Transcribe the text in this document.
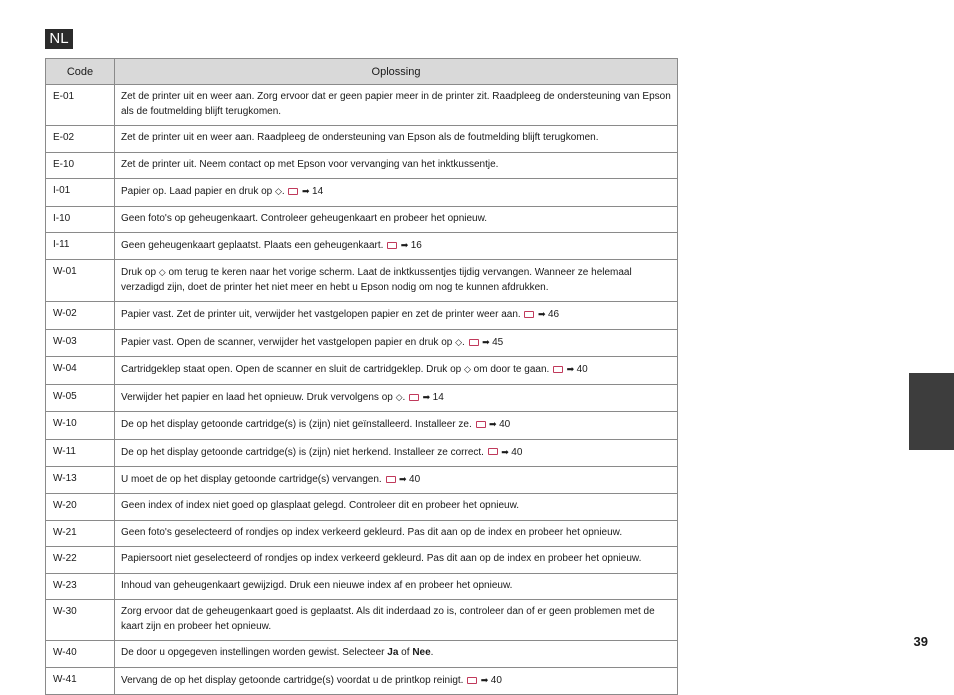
NL
Code	Oplossing
E-01	Zet de printer uit en weer aan. Zorg ervoor dat er geen papier meer in de printer zit. Raadpleeg de ondersteuning van Epson als de foutmelding blijft terugkomen.
E-02	Zet de printer uit en weer aan. Raadpleeg de ondersteuning van Epson als de foutmelding blijft terugkomen.
E-10	Zet de printer uit. Neem contact op met Epson voor vervanging van het inktkussentje.
I-01	Papier op. Laad papier en druk op ◇.  ➡ 14
I-10	Geen foto's op geheugenkaart. Controleer geheugenkaart en probeer het opnieuw.
I-11	Geen geheugenkaart geplaatst. Plaats een geheugenkaart.  ➡ 16
W-01	Druk op ◇ om terug te keren naar het vorige scherm. Laat de inktkussentjes tijdig vervangen. Wanneer ze helemaal verzadigd zijn, doet de printer het niet meer en hebt u Epson nodig om nog te kunnen afdrukken.
W-02	Papier vast. Zet de printer uit, verwijder het vastgelopen papier en zet de printer weer aan.  ➡ 46
W-03	Papier vast. Open de scanner, verwijder het vastgelopen papier en druk op ◇.  ➡ 45
W-04	Cartridgeklep staat open. Open de scanner en sluit de cartridgeklep. Druk op ◇ om door te gaan.  ➡ 40
W-05	Verwijder het papier en laad het opnieuw. Druk vervolgens op ◇.  ➡ 14
W-10	De op het display getoonde cartridge(s) is (zijn) niet geïnstalleerd. Installeer ze.  ➡ 40
W-11	De op het display getoonde cartridge(s) is (zijn) niet herkend. Installeer ze correct.  ➡ 40
W-13	U moet de op het display getoonde cartridge(s) vervangen.  ➡ 40
W-20	Geen index of index niet goed op glasplaat gelegd. Controleer dit en probeer het opnieuw.
W-21	Geen foto's geselecteerd of rondjes op index verkeerd gekleurd. Pas dit aan op de index en probeer het opnieuw.
W-22	Papiersoort niet geselecteerd of rondjes op index verkeerd gekleurd. Pas dit aan op de index en probeer het opnieuw.
W-23	Inhoud van geheugenkaart gewijzigd. Druk een nieuwe index af en probeer het opnieuw.
W-30	Zorg ervoor dat de geheugenkaart goed is geplaatst. Als dit inderdaad zo is, controleer dan of er geen problemen met de kaart zijn en probeer het opnieuw.
W-40	De door u opgegeven instellingen worden gewist. Selecteer Ja of Nee.
W-41	Vervang de op het display getoonde cartridge(s) voordat u de printkop reinigt.  ➡ 40
39
